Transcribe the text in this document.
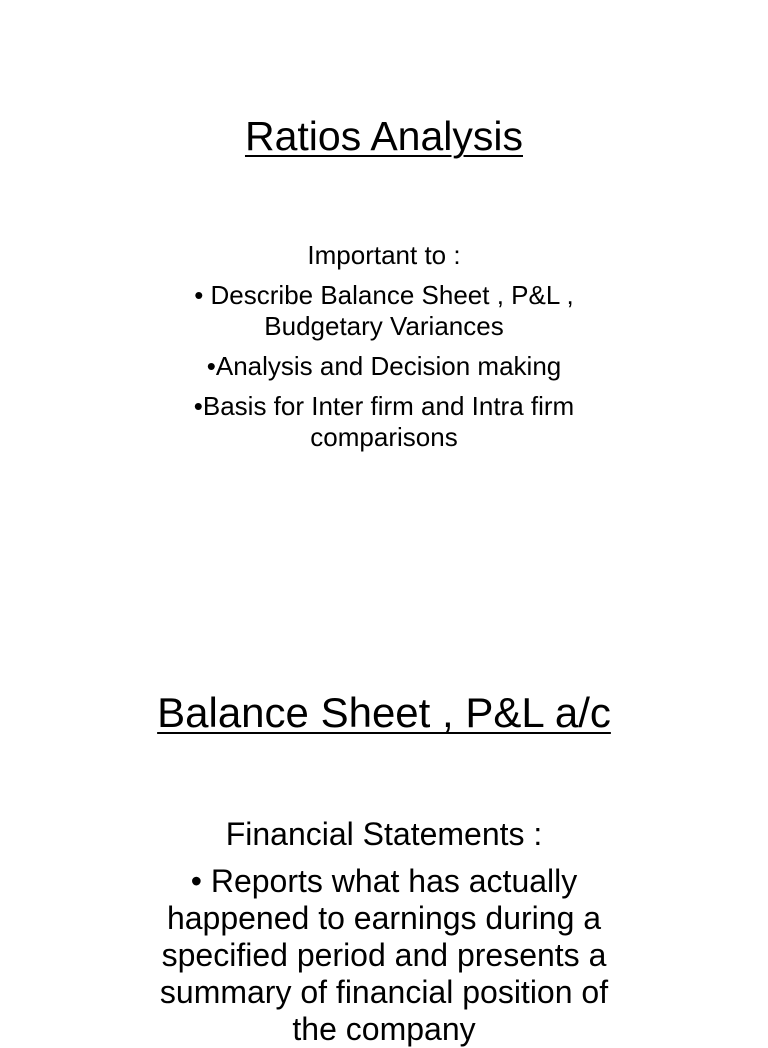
Ratios Analysis
Important to :
• Describe Balance Sheet , P&L ,
Budgetary Variances
•Analysis and Decision making
•Basis for Inter firm and Intra firm
comparisons
Balance Sheet , P&L a/c
Financial Statements :
• Reports what has actually
happened to earnings during a
specified period and presents a
summary of financial position of
the company
